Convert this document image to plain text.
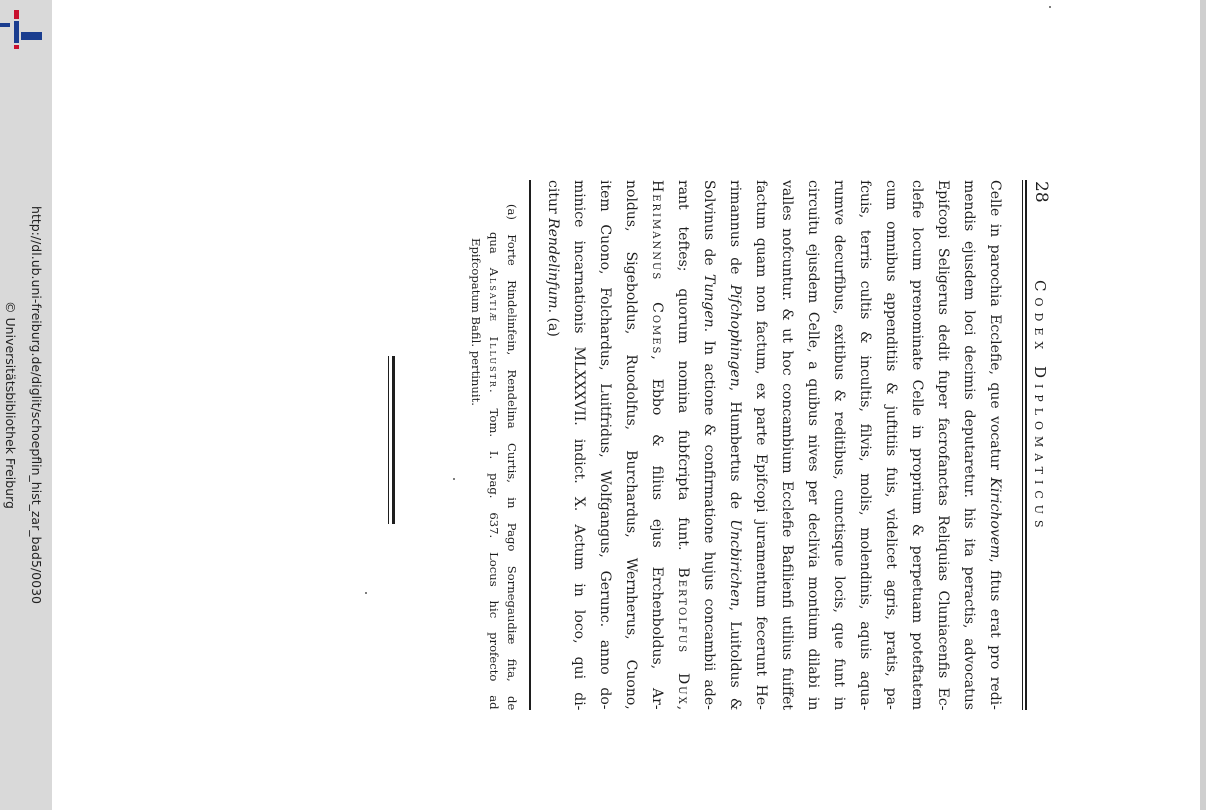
http://dl.ub.uni-freiburg.de/diglit/schoepflin_hist_zar_bad5/0030
© Universitätsbibliothek Freiburg
28
Codex Diplomaticus
Celle in parochia Ecclefie, que vocatur Kirichovem, fitus erat pro redi-
mendis ejusdem loci decimis deputaretur. his ita peractis, advocatus
Epifcopi Seligerus dedit fuper facrofanctas Reliquias Cluniacenfis Ec-
clefie locum prenominate Celle in proprium & perpetuam poteftatem
cum omnibus appenditiis & juftitiis fuis, videlicet agris, pratis, pa-
fcuis, terris cultis & incultis, filvis, molis, molendinis, aquis aqua-
rumve decurfibus, exitibus & reditibus, cunctisque locis, que funt in
circuitu ejusdem Celle, a quibus nives per declivia montium dilabi in
valles nofcuntur. & ut hoc concambium Ecclefie Bafilienfi utilius fuiffet
factum quam non factum, ex parte Epifcopi juramentum fecerunt He-
rimannus de Pifchophingen, Humbertus de Uncbirichen, Luitoldus &
Solvinus de Tungen. In actione & confirmatione hujus concambii ade-
rant teftes; quorum nomina fubfcripta funt. Bertolfus Dux,
Herimannus Comes, Ebbo & filius ejus Erchenboldus, Ar-
noldus, Sigeboldus, Ruodolfus, Burchardus, Wernherus, Cuono,
item Cuono, Folchardus, Luitfridus, Wolfgangus, Gerunc. anno do-
minice incarnationis MLXXXVII. indict. X. Actum in loco, qui di-
citur Rendelinfum. (a)
(a) Forte Rindelinfein, Rendelina Curtis, in Pago Sornegaudiæ fita, de
qua Alsatiæ Illustr. Tom. I. pag. 637. Locus hic profecto ad
Epifcopatum Bafil. pertinuit.
